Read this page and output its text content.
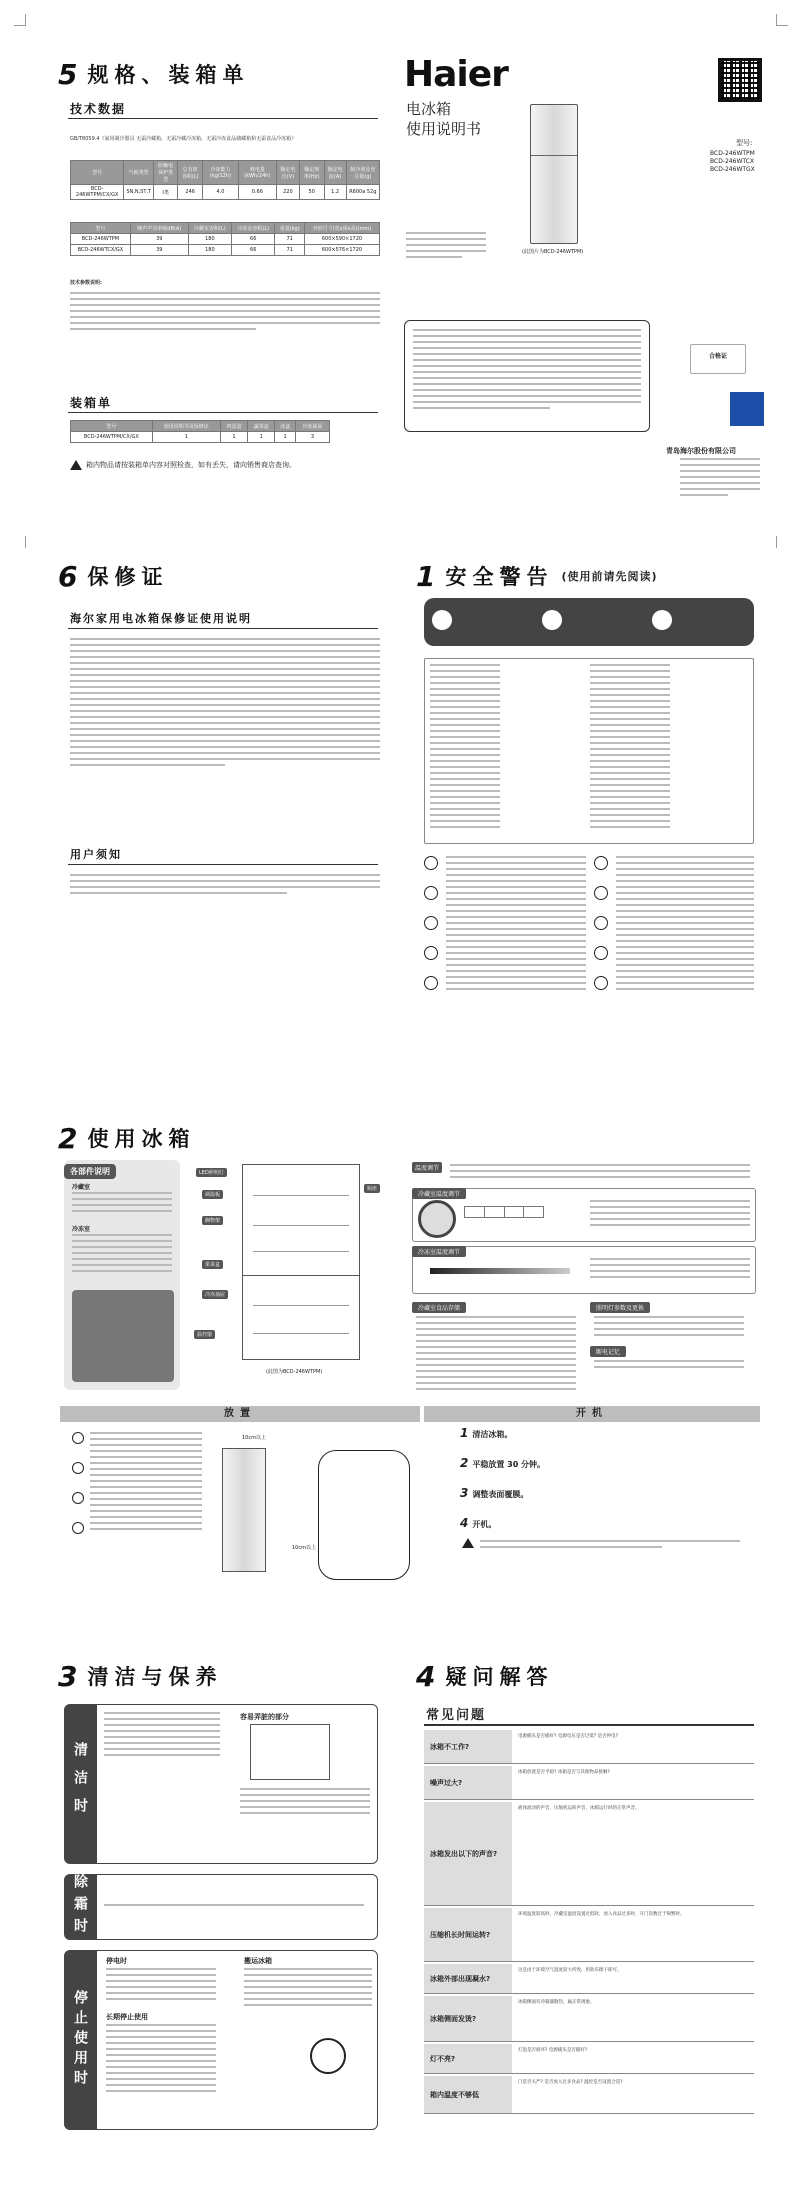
5 规格、装箱单
技术数据
GB/T8059.4《家用制冷器具 无霜冷藏箱、无霜冷藏冷冻箱、无霜冷冻食品储藏箱和无霜食品冷冻箱》
型号	气候类型	防触电保护类型	总有效容积(L)	冷冻能力(kg/12h)	耗电量(kWh/24h)	额定电压(V)	额定频率(Hz)	额定电流(A)	制冷剂及充注量(g)
BCD-246WTPM/CX/GX	SN,N,ST,T	I类	246	4.0	0.66	220	50	1.2	R600a 52g
型号	噪声声功率级dB(A)	冷藏室容积(L)	冷冻室容积(L)	重量(kg)	外形尺寸(宽x深x高)(mm)
BCD-246WTPM	39	180	66	71	600×590×1720
BCD-246WTCX/GX	39	180	66	71	600×576×1720
技术参数说明:
装箱单
型号	使用说明书及保修证	鸡蛋盒	蔬菜盒	冰盒	冷冻抽屉
BCD-246WTPM/CX/GX	1	1	1	1	3
箱内物品请按装箱单内容对照检查，如有丢失，请向销售商店查询。
Haier
电冰箱
使用说明书
型号:
BCD-246WTPM
BCD-246WTCX
BCD-246WTGX
(此图片为BCD-246WTPM)
合格证
青岛海尔股份有限公司
6 保修证
海尔家用电冰箱保修证使用说明
用户须知
1 安全警告 (使用前请先阅读)
2 使用冰箱
各部件说明
冷藏室
冷冻室
LED照明灯
调温板
搁物架
果菜盒
冷冻抽屉
温控器
瓶座
(此图为BCD-246WTPM)
温度调节
冷藏室温度调节

冷冻室温度调节
冷藏室食品存储	照明灯参数及更换
断电记忆
放置	开机
10cm以上
10cm以上
1 清洁冰箱。
2 平稳放置 30 分钟。
3 调整表面覆膜。
4 开机。
3 清洁与保养
清洁时
容易弄脏的部分
除霜时
停止使用时
停电时
长期停止使用
搬运冰箱
4 疑问解答
常见问题
冰箱不工作?
电源插头是否插好? 电源电压是否过低? 是否停电?
噪声过大?
冰箱放置是否平稳? 冰箱是否与其他物品接触?
冰箱发出以下的声音?
液体流动的声音，压缩机运转声音，冰箱运行时的正常声音。
压缩机长时间运转?
环境温度较高时，冷藏室温度设置过低时，放入食品过多时，开门次数过于频繁时。
冰箱外部出现凝水?
这是由于环境空气湿度较大所致，用软布擦干即可。
冰箱侧面发烫?
冰箱侧面有冷凝器散热，属正常现象。
灯不亮?
灯泡是否损坏? 电源插头是否插好?
箱内温度不够低
门是否关严? 是否放入过多食品? 温控是否设置合适?
